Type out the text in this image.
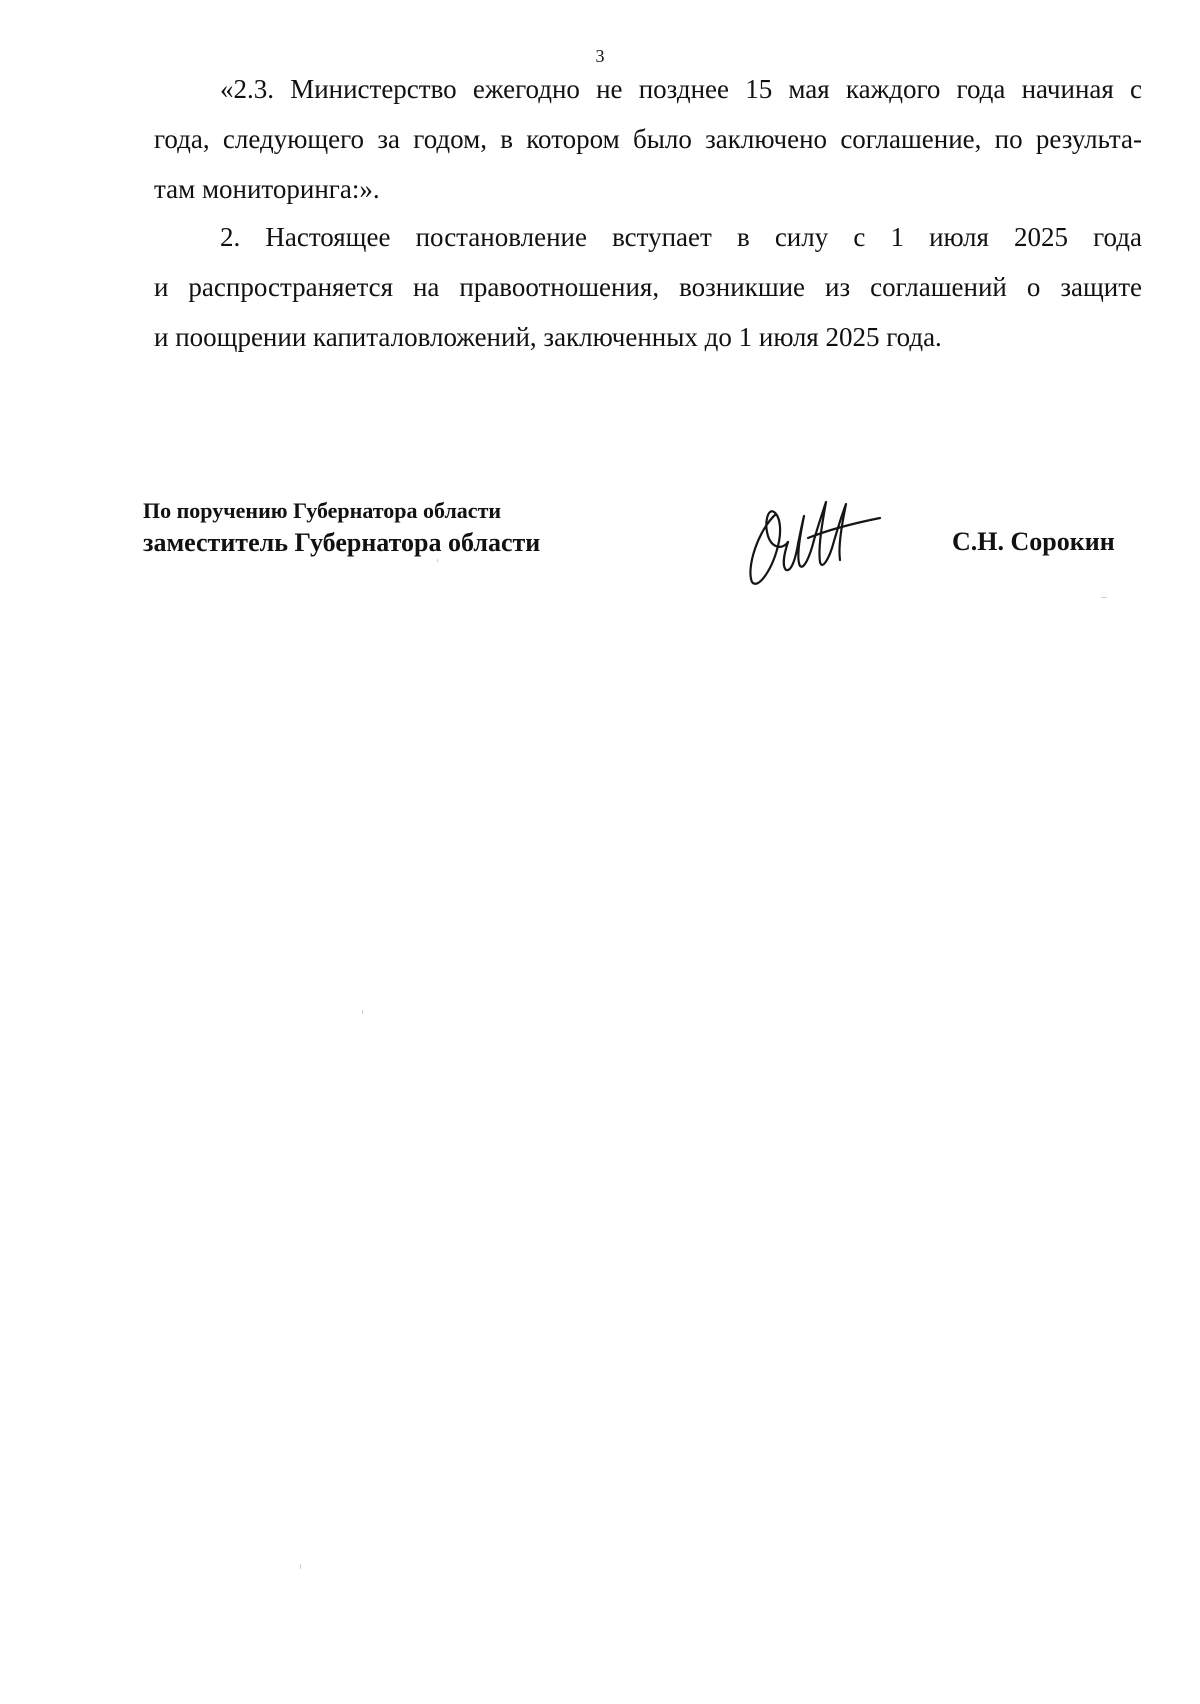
3
«2.3. Министерство ежегодно не позднее 15 мая каждого года начиная с
года, следующего за годом, в котором было заключено соглашение, по результа-
там мониторинга:».
2. Настоящее постановление вступает в силу с 1 июля 2025 года
и распространяется на правоотношения, возникшие из соглашений о защите
и поощрении капиталовложений, заключенных до 1 июля 2025 года.
По поручению Губернатора области
заместитель Губернатора области	С.Н. Сорокин
